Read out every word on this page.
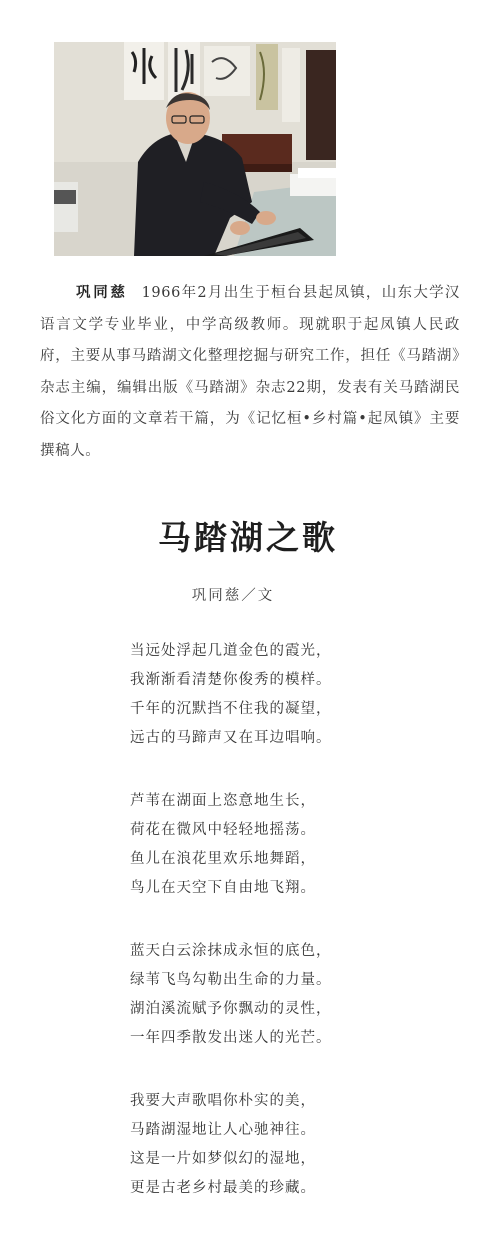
巩同慈 1966年2月出生于桓台县起凤镇，山东大学汉语言文学专业毕业，中学高级教师。现就职于起凤镇人民政府，主要从事马踏湖文化整理挖掘与研究工作，担任《马踏湖》杂志主编，编辑出版《马踏湖》杂志22期，发表有关马踏湖民俗文化方面的文章若干篇，为《记忆桓•乡村篇•起凤镇》主要撰稿人。

马踏湖之歌
巩同慈／文
当远处浮起几道金色的霞光，
我渐渐看清楚你俊秀的模样。
千年的沉默挡不住我的凝望，
远古的马蹄声又在耳边唱响。
芦苇在湖面上恣意地生长，
荷花在微风中轻轻地摇荡。
鱼儿在浪花里欢乐地舞蹈，
鸟儿在天空下自由地飞翔。
蓝天白云涂抹成永恒的底色，
绿苇飞鸟勾勒出生命的力量。
湖泊溪流赋予你飘动的灵性，
一年四季散发出迷人的光芒。
我要大声歌唱你朴实的美，
马踏湖湿地让人心驰神往。
这是一片如梦似幻的湿地，
更是古老乡村最美的珍藏。
